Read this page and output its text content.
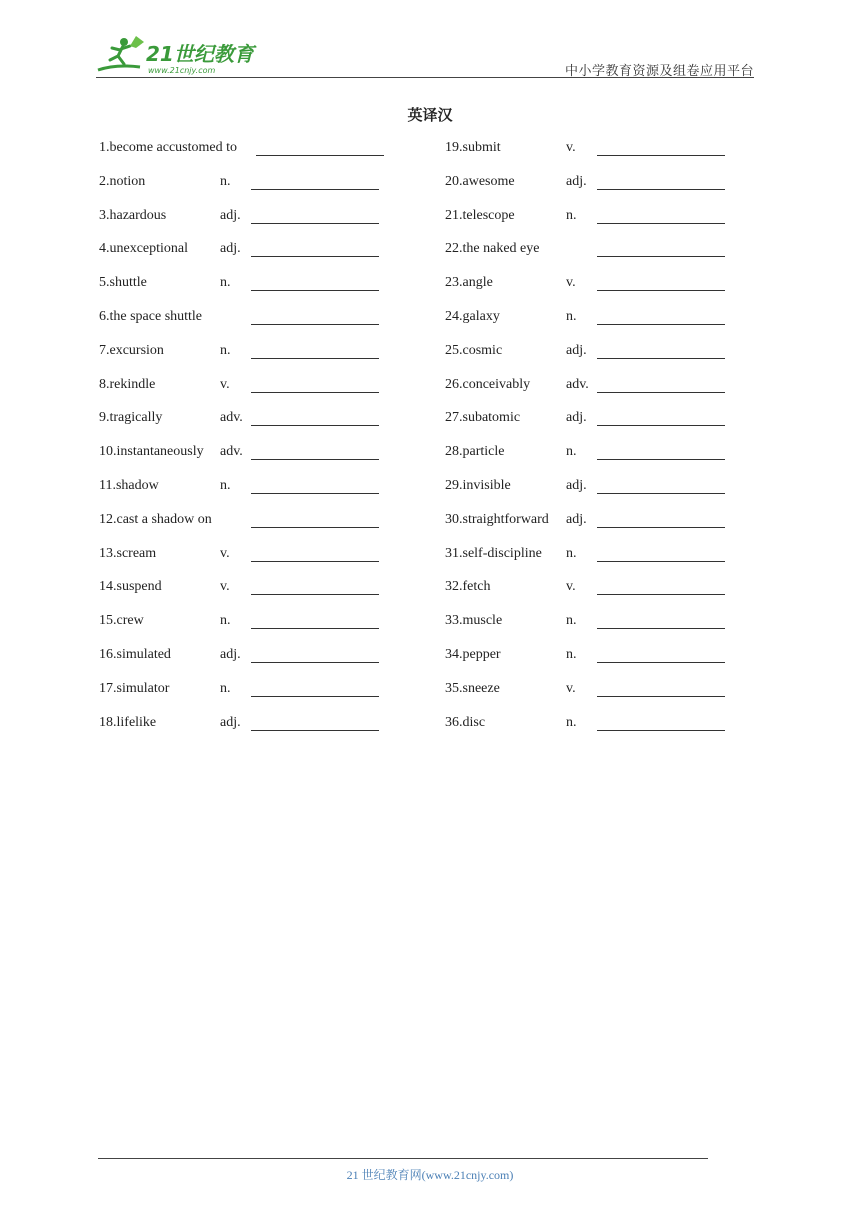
21世纪教育
www.21cnjy.com	中小学教育资源及组卷应用平台
英译汉
1.become accustomed to
2.notion	n.
3.hazardous	adj.
4.unexceptional adj.
5.shuttle	n.
6.the space shuttle
7.excursion	n.
8.rekindle	v.
9.tragically	adv.
10.instantaneously adv.
11.shadow	n.
12.cast a shadow on
13.scream	v.
14.suspend	v.
15.crew	n.
16.simulated	adj.
17.simulator	n.
18.lifelike	adj.
19.submit	v.
20.awesome	adj.
21.telescope	n.
22.the naked eye
23.angle	v.
24.galaxy	n.
25.cosmic	adj.
26.conceivably	adv.
27.subatomic	adj.
28.particle	n.
29.invisible	adj.
30.straightforward adj.
31.self-discipline n.
32.fetch	v.
33.muscle	n.
34.pepper	n.
35.sneeze	v.
36.disc	n.
21 世纪教育网(www.21cnjy.com)
